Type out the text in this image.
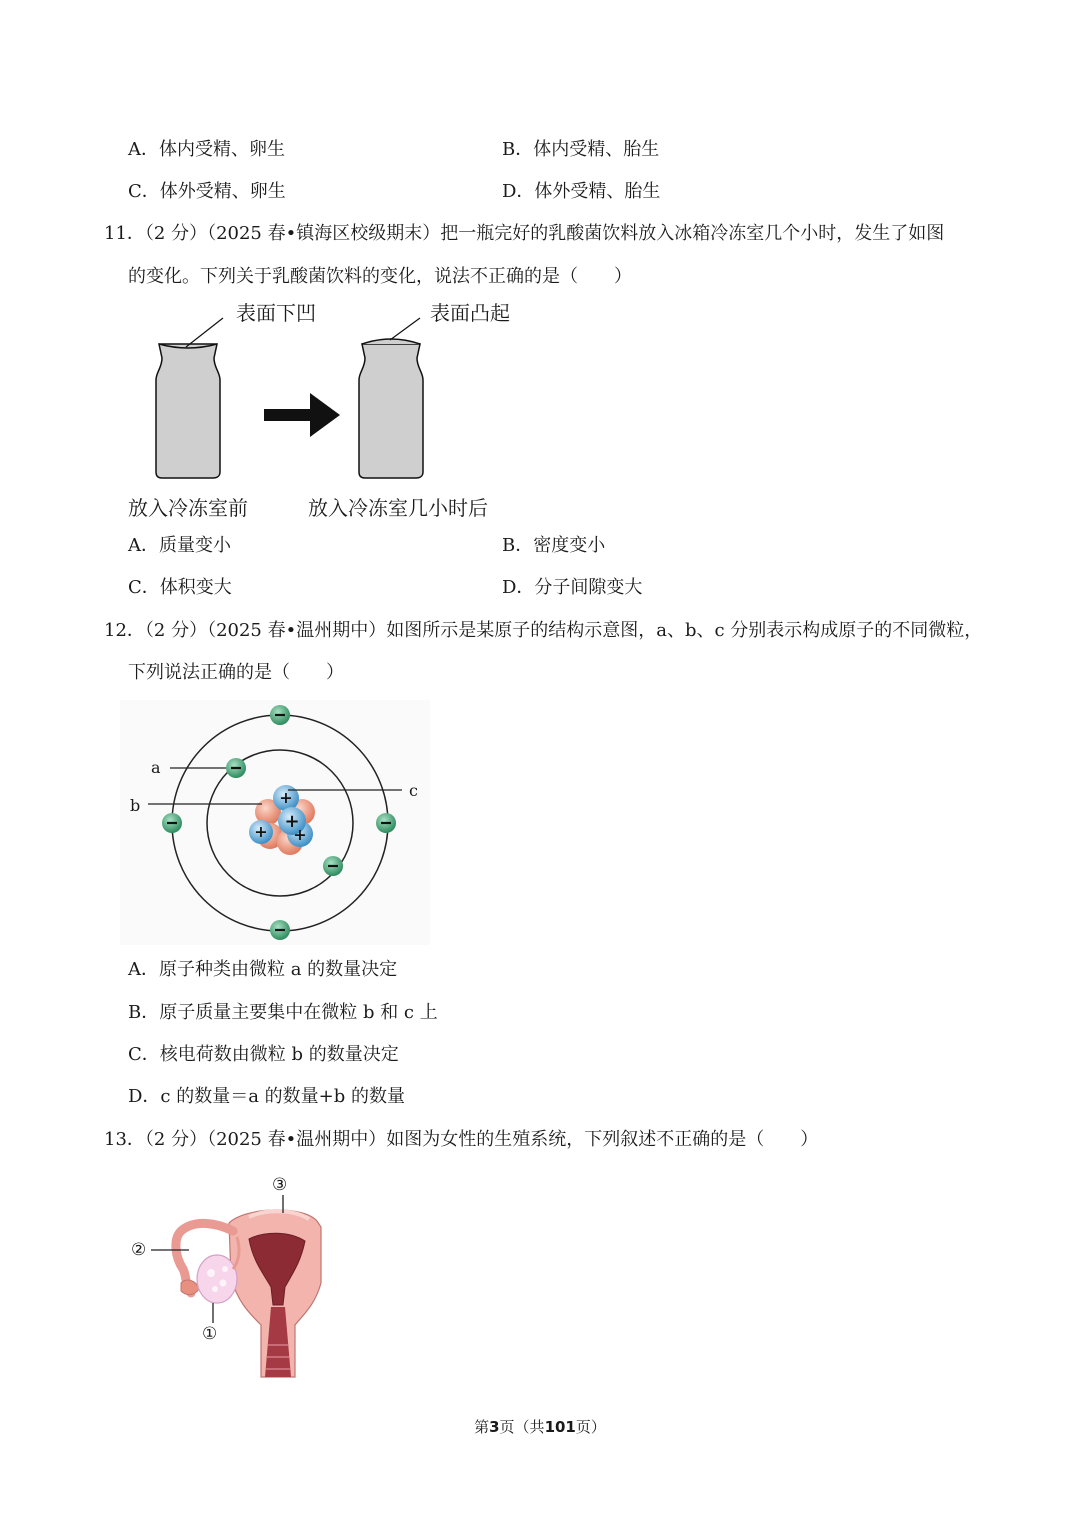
A．体内受精、卵生	B．体内受精、胎生
C．体外受精、卵生	D．体外受精、胎生
11．（2 分）（2025 春•镇海区校级期末）把一瓶完好的乳酸菌饮料放入冰箱冷冻室几个小时，发生了如图
的变化。下列关于乳酸菌饮料的变化，说法不正确的是（　　）
表面下凹	表面凸起
放入冷冻室前	放入冷冻室几小时后
A．质量变小	B．密度变小
C．体积变大	D．分子间隙变大
12．（2 分）（2025 春•温州期中）如图所示是某原子的结构示意图，a、b、c 分别表示构成原子的不同微粒，
下列说法正确的是（　　）
+
+ +
+
a
b
c
A．原子种类由微粒 a 的数量决定
B．原子质量主要集中在微粒 b 和 c 上
C．核电荷数由微粒 b 的数量决定
D．c 的数量＝a 的数量+b 的数量
13．（2 分）（2025 春•温州期中）如图为女性的生殖系统，下列叙述不正确的是（　　）
③
②
①
第3页（共101页）
